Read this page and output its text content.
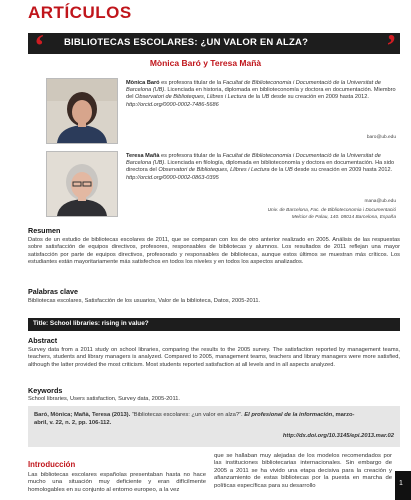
ARTÍCULOS
‘ BIBLIOTECAS ESCOLARES: ¿UN VALOR EN ALZA? ’
Mònica Baró y Teresa Mañà
Mònica Baró es profesora titular de la Facultat de Biblioteconomia i Documentació de la Universitat de Barcelona (UB). Licenciada en historia, diplomada en biblioteconomía y doctora en documentación. Miembro del Observatori de Biblioteques, Llibres i Lectura de la UB desde su creación en 2009 hasta 2012.
http://orcid.org/0000-0002-7486-5686
baro@ub.edu
Teresa Mañà es profesora titular de la Facultat de Biblioteconomia i Documentació de la Universitat de Barcelona (UB). Licenciada en filología, diplomada en biblioteconomía y doctora en documentación. Ha sido directora del Observatori de Biblioteques, Llibres i Lectura de la UB desde su creación en 2009 hasta 2012.
http://orcid.org/0000-0002-0863-0395
mana@ub.edu
Univ. de Barcelona, Fac. de Biblioteconomia i Documentació
Melcior de Palau, 140. 08014 Barcelona, España
Resumen
Datos de un estudio de bibliotecas escolares de 2011, que se comparan con los de otro anterior realizado en 2005. Análisis de las respuestas sobre satisfacción de equipos directivos, profesores, responsables de bibliotecas y alumnos. Los resultados de 2011 reflejan una mayor satisfacción por parte de equipos directivos, profesorado y responsables de bibliotecas, aunque estos últimos se muestran más críticos. Los estudiantes están mayoritariamente más satisfechos en todos los niveles y en todos los aspectos analizados.
Palabras clave
Bibliotecas escolares, Satisfacción de los usuarios, Valor de la biblioteca, Datos, 2005-2011.
Title: School libraries: rising in value?
Abstract
Survey data from a 2011 study on school libraries, comparing the results to the 2005 survey. The satisfaction reported by management teams, teachers, students and library managers is analyzed. Compared to 2005, management teams, teachers and library managers were more satisfied, although the latter provided the most criticism. Most students reported satisfaction at all levels and in all aspects analyzed.
Keywords
School libraries, Users satisfaction, Survey data, 2005-2011.
Baró, Mònica; Mañà, Teresa (2013). “Bibliotecas escolares: ¿un valor en alza?”. El profesional de la información, marzo-
abril, v. 22, n. 2, pp. 106-112.
http://dx.doi.org/10.3145/epi.2013.mar.02
Introducción
Las bibliotecas escolares españolas presentaban hasta no hace mucho una situación muy deficiente y eran difícilmente homologables en su conjunto al entorno europeo, a la vez
que se hallaban muy alejadas de los modelos recomendados por las instituciones bibliotecarias internacionales. Sin embargo de 2005 a 2011 se ha vivido una etapa decisiva para la creación y afianzamiento de estas bibliotecas por la puesta en marcha de políticas específicas para su desarrollo	1
